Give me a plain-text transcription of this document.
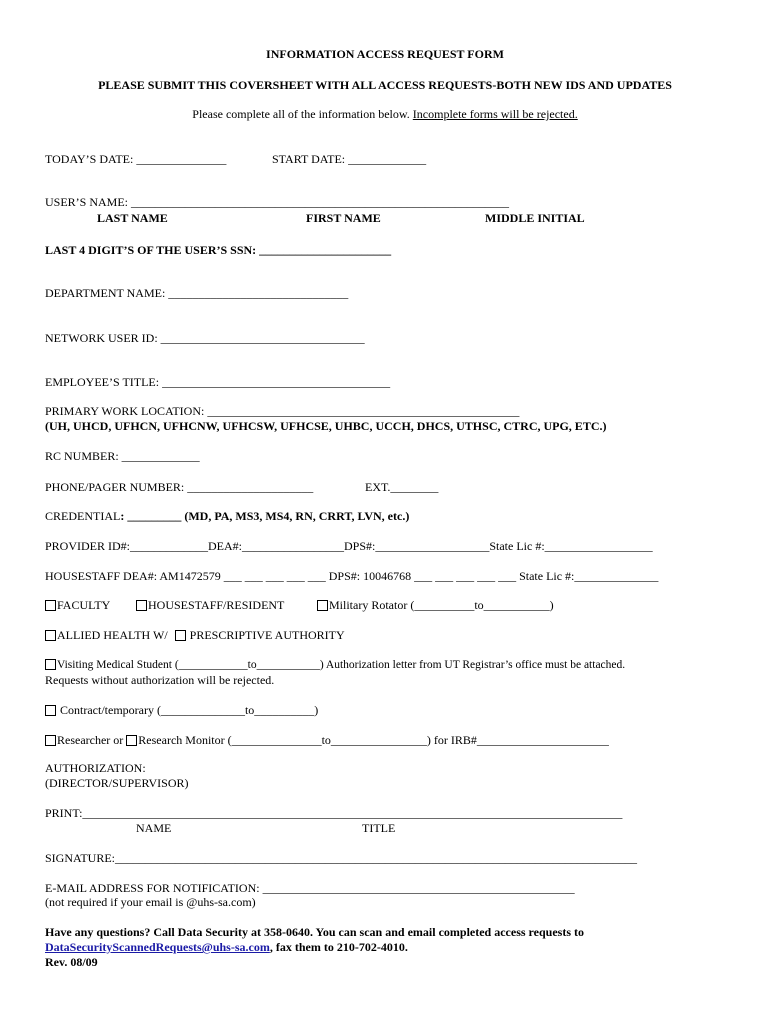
INFORMATION ACCESS REQUEST FORM
PLEASE SUBMIT THIS COVERSHEET WITH ALL ACCESS REQUESTS-BOTH NEW IDS AND UPDATES
Please complete all of the information below. Incomplete forms will be rejected.
TODAY’S DATE: _______________	START DATE: _____________
USER’S NAME: _______________________________________________________________
LAST NAME	FIRST NAME	MIDDLE INITIAL
LAST 4 DIGIT’S OF THE USER’S SSN: ______________________
DEPARTMENT NAME: ______________________________
NETWORK USER ID: __________________________________
EMPLOYEE’S TITLE: ______________________________________
PRIMARY WORK LOCATION: ____________________________________________________
(UH, UHCD, UFHCN, UFHCNW, UFHCSW, UFHCSE, UHBC, UCCH, DHCS, UTHSC, CTRC, UPG, ETC.)
RC NUMBER: _____________
PHONE/PAGER NUMBER: _____________________	EXT.________
CREDENTIAL: _________ (MD, PA, MS3, MS4, RN, CRRT, LVN, etc.)
PROVIDER ID#:_____________DEA#:_________________DPS#:___________________State Lic #:__________________
HOUSESTAFF DEA#: AM1472579 ___ ___ ___ ___ ___ DPS#: 10046768 ___ ___ ___ ___ ___ State Lic #:______________
FACULTY	HOUSESTAFF/RESIDENT	Military Rotator (__________to___________)
ALLIED HEALTH W/ PRESCRIPTIVE AUTHORITY
Visiting Medical Student (____________to___________) Authorization letter from UT Registrar’s office must be attached.
Requests without authorization will be rejected.
Contract/temporary (______________to__________)
Researcher or Research Monitor (_______________to________________) for IRB#______________________
AUTHORIZATION:
(DIRECTOR/SUPERVISOR)
PRINT:__________________________________________________________________________________________
NAME	TITLE
SIGNATURE:_______________________________________________________________________________________
E-MAIL ADDRESS FOR NOTIFICATION: ____________________________________________________
(not required if your email is @uhs-sa.com)
Have any questions? Call Data Security at 358-0640. You can scan and email completed access requests to
DataSecurityScannedRequests@uhs-sa.com, fax them to 210-702-4010.
Rev. 08/09
